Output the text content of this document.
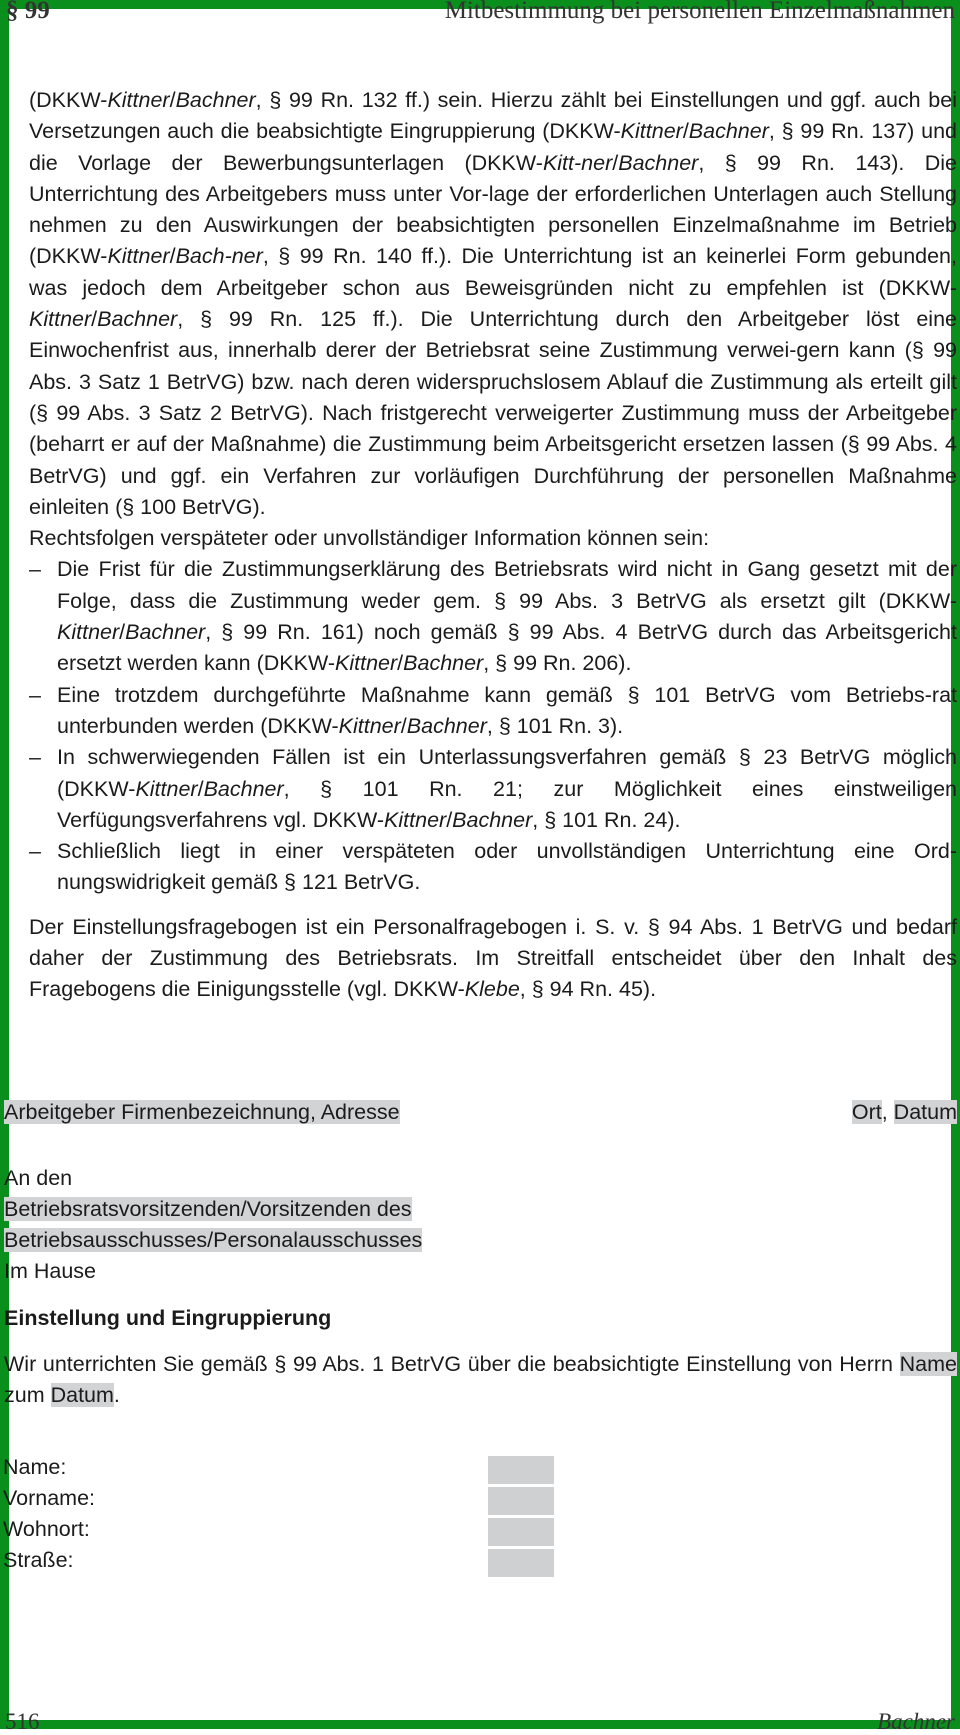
§ 99	Mitbestimmung bei personellen Einzelmaßnahmen

(DKKW-Kittner/Bachner, § 99 Rn. 132 ff.) sein. Hierzu zählt bei Einstellungen und ggf. auch bei Versetzungen auch die beabsichtigte Eingruppierung (DKKW-Kittner/Bachner, § 99 Rn. 137) und die Vorlage der Bewerbungsunterlagen (DKKW-Kitt-ner/Bachner, § 99 Rn. 143). Die Unterrichtung des Arbeitgebers muss unter Vor-lage der erforderlichen Unterlagen auch Stellung nehmen zu den Auswirkungen der beabsichtigten personellen Einzelmaßnahme im Betrieb (DKKW-Kittner/Bach-ner, § 99 Rn. 140 ff.). Die Unterrichtung ist an keinerlei Form gebunden, was jedoch dem Arbeitgeber schon aus Beweisgründen nicht zu empfehlen ist (DKKW-Kittner/Bachner, § 99 Rn. 125 ff.). Die Unterrichtung durch den Arbeitgeber löst eine Einwochenfrist aus, innerhalb derer der Betriebsrat seine Zustimmung verwei-gern kann (§ 99 Abs. 3 Satz 1 BetrVG) bzw. nach deren widerspruchslosem Ablauf die Zustimmung als erteilt gilt (§ 99 Abs. 3 Satz 2 BetrVG). Nach fristgerecht verweigerter Zustimmung muss der Arbeitgeber (beharrt er auf der Maßnahme) die Zustimmung beim Arbeitsgericht ersetzen lassen (§ 99 Abs. 4 BetrVG) und ggf. ein Verfahren zur vorläufigen Durchführung der personellen Maßnahme einleiten (§ 100 BetrVG).

Rechtsfolgen verspäteter oder unvollständiger Information können sein:

– Die Frist für die Zustimmungserklärung des Betriebsrats wird nicht in Gang gesetzt mit der Folge, dass die Zustimmung weder gem. § 99 Abs. 3 BetrVG als ersetzt gilt (DKKW-Kittner/Bachner, § 99 Rn. 161) noch gemäß § 99 Abs. 4 BetrVG durch das Arbeitsgericht ersetzt werden kann (DKKW-Kittner/Bachner, § 99 Rn. 206).
– Eine trotzdem durchgeführte Maßnahme kann gemäß § 101 BetrVG vom Betriebs-rat unterbunden werden (DKKW-Kittner/Bachner, § 101 Rn. 3).
– In schwerwiegenden Fällen ist ein Unterlassungsverfahren gemäß § 23 BetrVG möglich (DKKW-Kittner/Bachner, § 101 Rn. 21; zur Möglichkeit eines einstweiligen Verfügungsverfahrens vgl. DKKW-Kittner/Bachner, § 101 Rn. 24).
– Schließlich liegt in einer verspäteten oder unvollständigen Unterrichtung eine Ord-nungswidrigkeit gemäß § 121 BetrVG.

Der Einstellungsfragebogen ist ein Personalfragebogen i. S. v. § 94 Abs. 1 BetrVG und bedarf daher der Zustimmung des Betriebsrats. Im Streitfall entscheidet über den Inhalt des Fragebogens die Einigungsstelle (vgl. DKKW-Klebe, § 94 Rn. 45).

Arbeitgeber Firmenbezeichnung, Adresse	Ort, Datum
An den
Betriebsratsvorsitzenden/Vorsitzenden des
Betriebsausschusses/Personalausschusses
Im Hause
Einstellung und Eingruppierung
Wir unterrichten Sie gemäß § 99 Abs. 1 BetrVG über die beabsichtigte Einstellung von Herrn Name zum Datum.
Name:
Vorname:
Wohnort:
Straße:
516	Bachner
